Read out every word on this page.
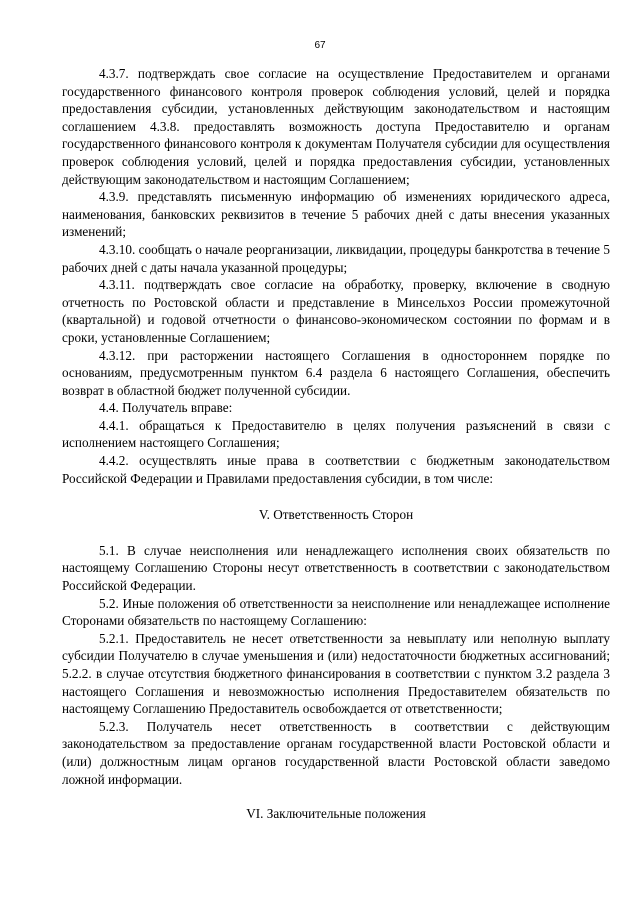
67

4.3.7. подтверждать свое согласие на осуществление Предоставителем и органами государственного финансового контроля проверок соблюдения условий, целей и порядка предоставления субсидии, установленных действующим законодательством и настоящим соглашением 4.3.8. предоставлять возможность доступа Предоставителю и органам государственного финансового контроля к документам Получателя субсидии для осуществления проверок соблюдения условий, целей и порядка предоставления субсидии, установленных действующим законодательством и настоящим Соглашением;

4.3.9. представлять письменную информацию об изменениях юридического адреса, наименования, банковских реквизитов в течение 5 рабочих дней с даты внесения указанных изменений;

4.3.10. сообщать о начале реорганизации, ликвидации, процедуры банкротства в течение 5 рабочих дней с даты начала указанной процедуры;

4.3.11. подтверждать свое согласие на обработку, проверку, включение в сводную отчетность по Ростовской области и представление в Минсельхоз России промежуточной (квартальной) и годовой отчетности о финансово-экономическом состоянии по формам и в сроки, установленные Соглашением;

4.3.12. при расторжении настоящего Соглашения в одностороннем порядке по основаниям, предусмотренным пунктом 6.4 раздела 6 настоящего Соглашения, обеспечить возврат в областной бюджет полученной субсидии.

4.4. Получатель вправе:

4.4.1. обращаться к Предоставителю в целях получения разъяснений в связи с исполнением настоящего Соглашения;

4.4.2. осуществлять иные права в соответствии с бюджетным законодательством Российской Федерации и Правилами предоставления субсидии, в том числе:

V. Ответственность Сторон

5.1. В случае неисполнения или ненадлежащего исполнения своих обязательств по настоящему Соглашению Стороны несут ответственность в соответствии с законодательством Российской Федерации.

5.2. Иные положения об ответственности за неисполнение или ненадлежащее исполнение Сторонами обязательств по настоящему Соглашению:

5.2.1. Предоставитель не несет ответственности за невыплату или неполную выплату субсидии Получателю в случае уменьшения и (или) недостаточности бюджетных ассигнований; 5.2.2. в случае отсутствия бюджетного финансирования в соответствии с пунктом 3.2 раздела 3 настоящего Соглашения и невозможностью исполнения Предоставителем обязательств по настоящему Соглашению Предоставитель освобождается от ответственности;

5.2.3. Получатель несет ответственность в соответствии с действующим законодательством за предоставление органам государственной власти Ростовской области и (или) должностным лицам органов государственной власти Ростовской области заведомо ложной информации.

VI. Заключительные положения
